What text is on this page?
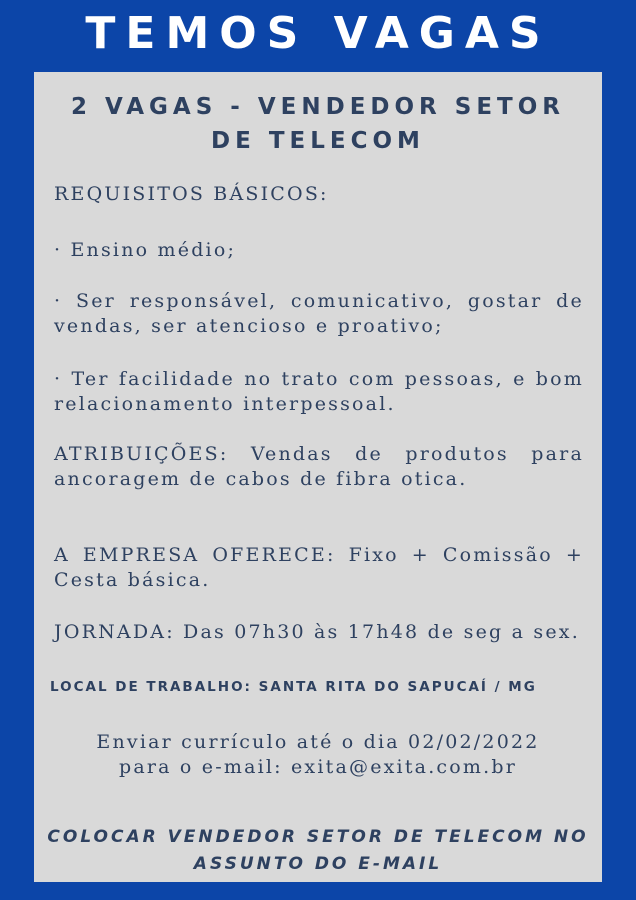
TEMOS VAGAS
2 VAGAS - VENDEDOR SETOR
DE TELECOM
REQUISITOS BÁSICOS:
· Ensino médio;
· Ser responsável, comunicativo, gostar de vendas, ser atencioso e proativo;
· Ter facilidade no trato com pessoas, e bom relacionamento interpessoal.
ATRIBUIÇÕES: Vendas de produtos para ancoragem de cabos de fibra otica.
A EMPRESA OFERECE: Fixo + Comissão + Cesta básica.
JORNADA: Das 07h30 às 17h48 de seg a sex.
LOCAL DE TRABALHO: SANTA RITA DO SAPUCAÍ / MG
Enviar currículo até o dia 02/02/2022
para o e-mail: exita@exita.com.br
COLOCAR VENDEDOR SETOR DE TELECOM NO
ASSUNTO DO E-MAIL
